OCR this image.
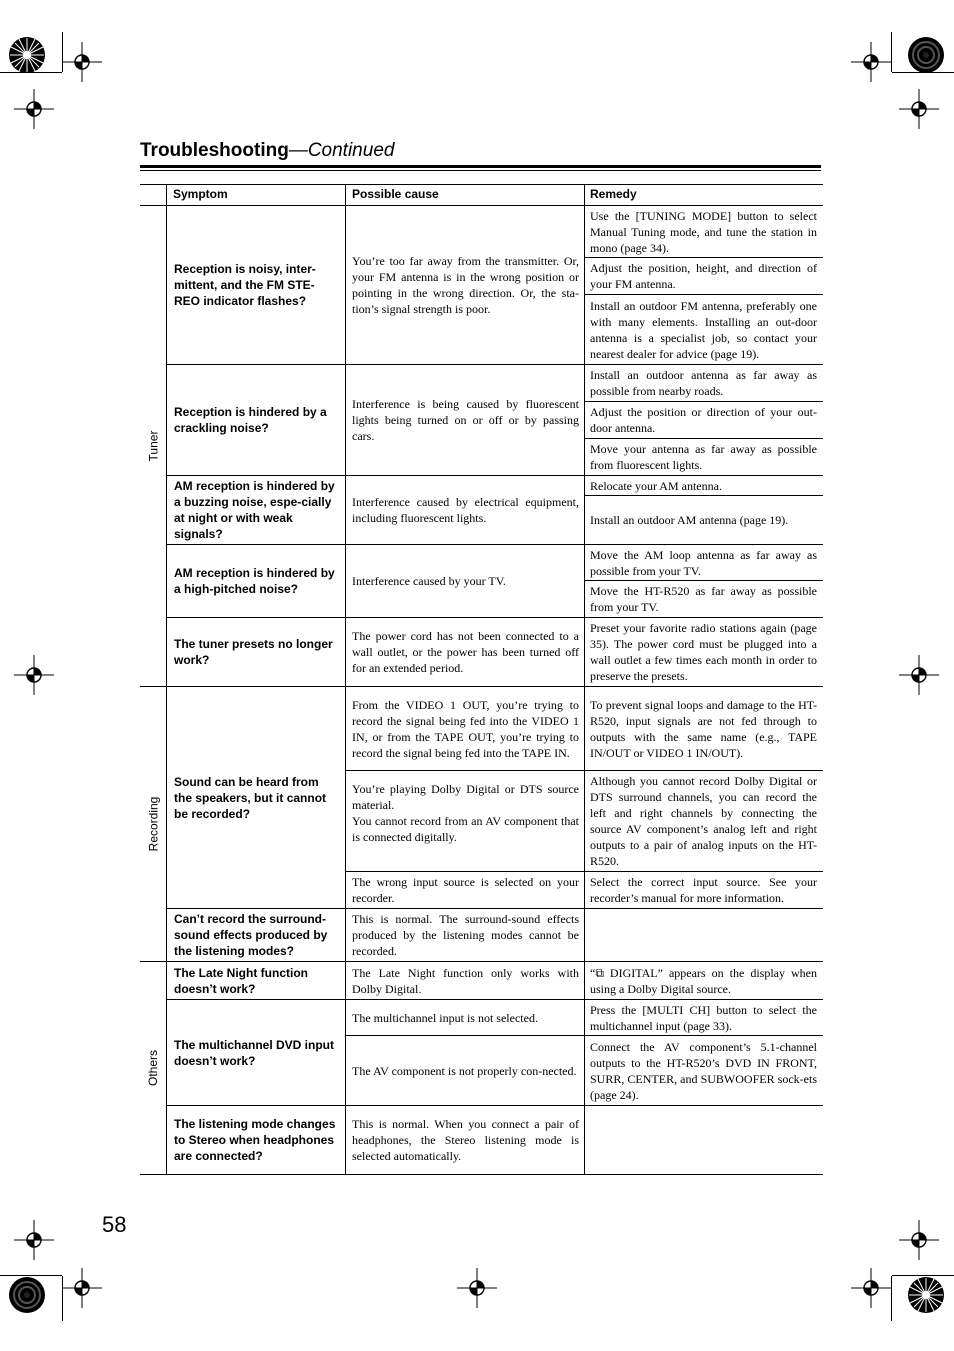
Troubleshooting—Continued
Symptom	Possible cause	Remedy
Tuner
Recording
Others
Reception is noisy, inter-mittent, and the FM STE-REO indicator flashes?
Reception is hindered by a crackling noise?
AM reception is hindered by a buzzing noise, espe-cially at night or with weak signals?
AM reception is hindered by a high-pitched noise?
The tuner presets no longer work?
Sound can be heard from the speakers, but it cannot be recorded?
Can’t record the surround-sound effects produced by the listening modes?
The Late Night function doesn’t work?
The multichannel DVD input doesn’t work?
The listening mode changes to Stereo when headphones are connected?
You’re too far away from the transmitter. Or, your FM antenna is in the wrong position or pointing in the wrong direction. Or, the sta-tion’s signal strength is poor.
Interference is being caused by fluorescent lights being turned on or off or by passing cars.
Interference caused by electrical equipment, including fluorescent lights.
Interference caused by your TV.
The power cord has not been connected to a wall outlet, or the power has been turned off for an extended period.
From the VIDEO 1 OUT, you’re trying to record the signal being fed into the VIDEO 1 IN, or from the TAPE OUT, you’re trying to record the signal being fed into the TAPE IN.
You’re playing Dolby Digital or DTS source material.
You cannot record from an AV component that is connected digitally.
The wrong input source is selected on your recorder.
This is normal. The surround-sound effects produced by the listening modes cannot be recorded.
The Late Night function only works with Dolby Digital.
The multichannel input is not selected.
The AV component is not properly con-nected.
This is normal. When you connect a pair of headphones, the Stereo listening mode is selected automatically.
Use the [TUNING MODE] button to select Manual Tuning mode, and tune the station in mono (page 34).
Adjust the position, height, and direction of your FM antenna.
Install an outdoor FM antenna, preferably one with many elements. Installing an out-door antenna is a specialist job, so contact your nearest dealer for advice (page 19).
Install an outdoor antenna as far away as possible from nearby roads.
Adjust the position or direction of your out-door antenna.
Move your antenna as far away as possible from fluorescent lights.
Relocate your AM antenna.
Install an outdoor AM antenna (page 19).
Move the AM loop antenna as far away as possible from your TV.
Move the HT-R520 as far away as possible from your TV.
Preset your favorite radio stations again (page 35). The power cord must be plugged into a wall outlet a few times each month in order to preserve the presets.
To prevent signal loops and damage to the HT-R520, input signals are not fed through to outputs with the same name (e.g., TAPE IN/OUT or VIDEO 1 IN/OUT).
Although you cannot record Dolby Digital or DTS surround channels, you can record the left and right channels by connecting the source AV component’s analog left and right outputs to a pair of analog inputs on the HT-R520.
Select the correct input source. See your recorder’s manual for more information.
“⧉ DIGITAL” appears on the display when using a Dolby Digital source.
Press the [MULTI CH] button to select the multichannel input (page 33).
Connect the AV component’s 5.1-channel outputs to the HT-R520’s DVD IN FRONT, SURR, CENTER, and SUBWOOFER sock-ets (page 24).
58
